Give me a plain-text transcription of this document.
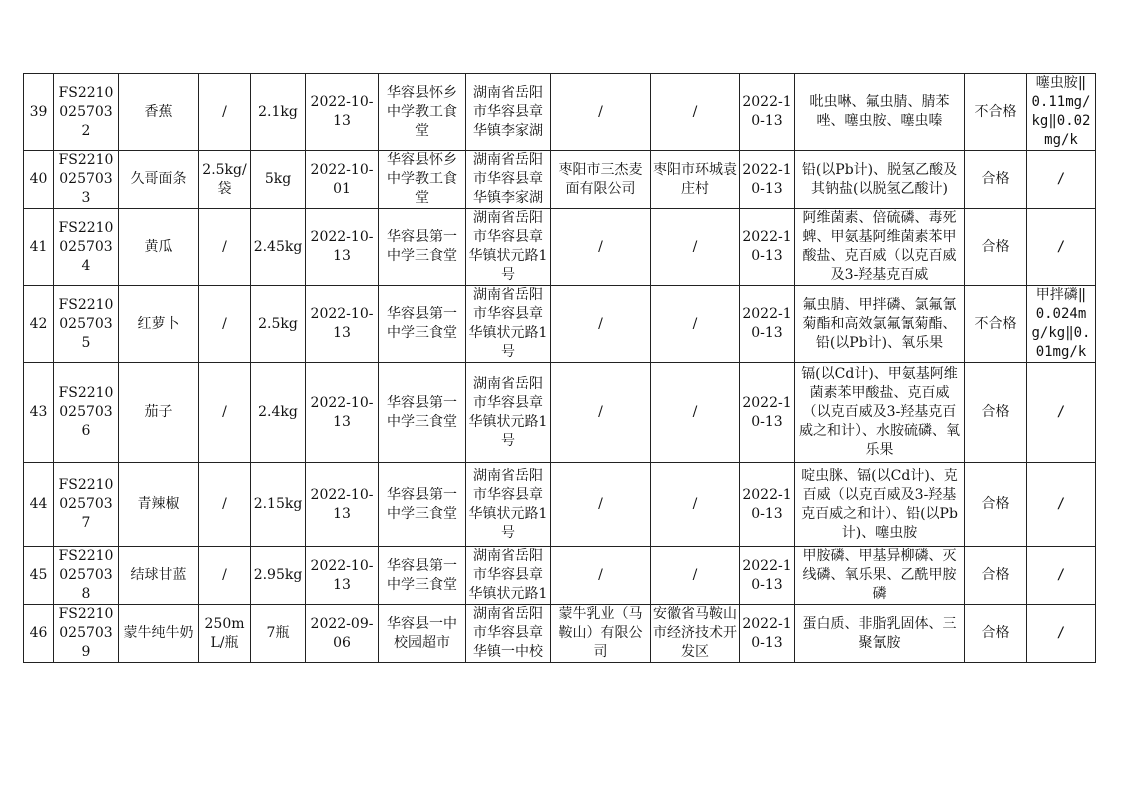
39	FS22100257032	香蕉	/	2.1kg	2022-10-13	华容县怀乡中学教工食堂	湖南省岳阳市华容县章华镇李家湖	/	/	2022-10-13	吡虫啉、氟虫腈、腈苯唑、噻虫胺、噻虫嗪	不合格	噻虫胺‖0.11mg/kg‖0.02mg/k
40	FS22100257033	久哥面条	2.5kg/袋	5kg	2022-10-01	华容县怀乡中学教工食堂	湖南省岳阳市华容县章华镇李家湖	枣阳市三杰麦面有限公司	枣阳市环城袁庄村	2022-10-13	铅(以Pb计)、脱氢乙酸及其钠盐(以脱氢乙酸计)	合格	/
41	FS22100257034	黄瓜	/	2.45kg	2022-10-13	华容县第一中学三食堂	湖南省岳阳市华容县章华镇状元路1号	/	/	2022-10-13	阿维菌素、倍硫磷、毒死蜱、甲氨基阿维菌素苯甲酸盐、克百威（以克百威及3-羟基克百威	合格	/
42	FS22100257035	红萝卜	/	2.5kg	2022-10-13	华容县第一中学三食堂	湖南省岳阳市华容县章华镇状元路1号	/	/	2022-10-13	氟虫腈、甲拌磷、氯氟氰菊酯和高效氯氟氰菊酯、铅(以Pb计)、氧乐果	不合格	甲拌磷‖0.024mg/kg‖0.01mg/k
43	FS22100257036	茄子	/	2.4kg	2022-10-13	华容县第一中学三食堂	湖南省岳阳市华容县章华镇状元路1号	/	/	2022-10-13	镉(以Cd计)、甲氨基阿维菌素苯甲酸盐、克百威（以克百威及3-羟基克百威之和计）、水胺硫磷、氧乐果	合格	/
44	FS22100257037	青辣椒	/	2.15kg	2022-10-13	华容县第一中学三食堂	湖南省岳阳市华容县章华镇状元路1号	/	/	2022-10-13	啶虫脒、镉(以Cd计)、克百威（以克百威及3-羟基克百威之和计）、铅(以Pb计)、噻虫胺	合格	/
45	FS22100257038	结球甘蓝	/	2.95kg	2022-10-13	华容县第一中学三食堂	湖南省岳阳市华容县章华镇状元路1	/	/	2022-10-13	甲胺磷、甲基异柳磷、灭线磷、氧乐果、乙酰甲胺磷	合格	/
46	FS22100257039	蒙牛纯牛奶	250mL/瓶	7瓶	2022-09-06	华容县一中校园超市	湖南省岳阳市华容县章华镇一中校	蒙牛乳业（马鞍山）有限公司	安徽省马鞍山市经济技术开发区	2022-10-13	蛋白质、非脂乳固体、三聚氰胺	合格	/
